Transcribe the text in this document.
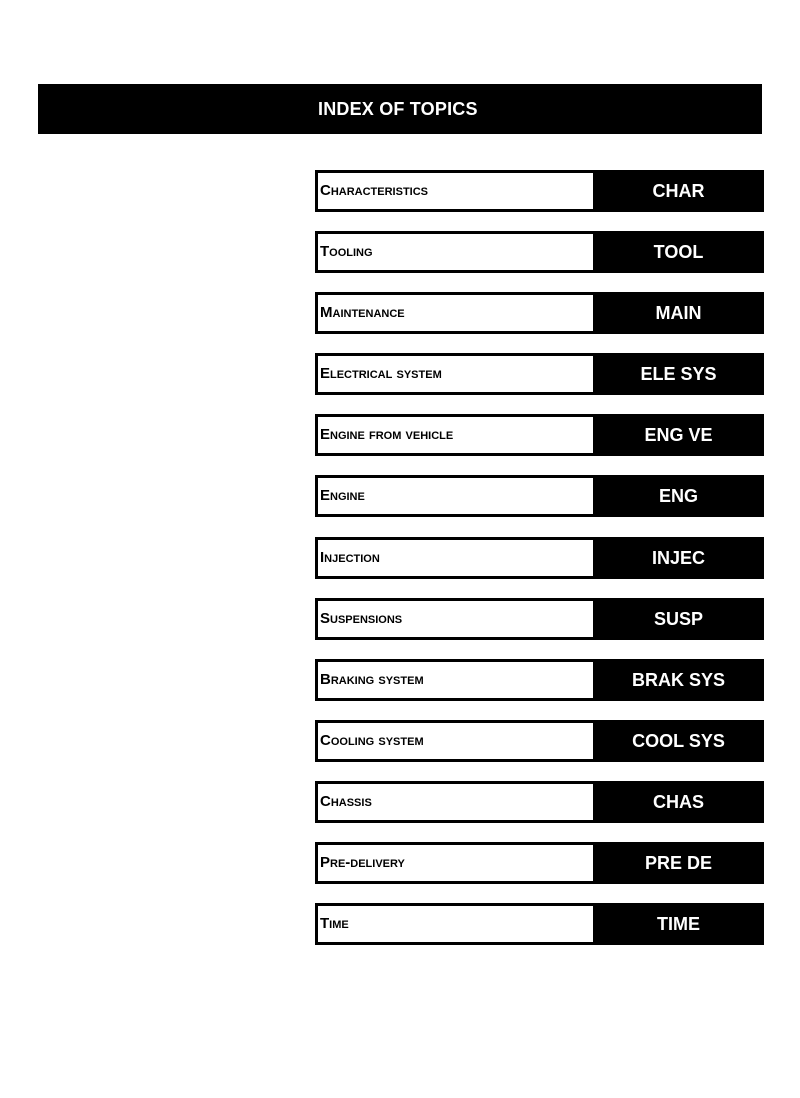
INDEX OF TOPICS
Characteristics	CHAR
Tooling	TOOL
Maintenance	MAIN
Electrical system	ELE SYS
Engine from vehicle	ENG VE
Engine	ENG
Injection	INJEC
Suspensions	SUSP
Braking system	BRAK SYS
Cooling system	COOL SYS
Chassis	CHAS
Pre-delivery	PRE DE
Time	TIME
